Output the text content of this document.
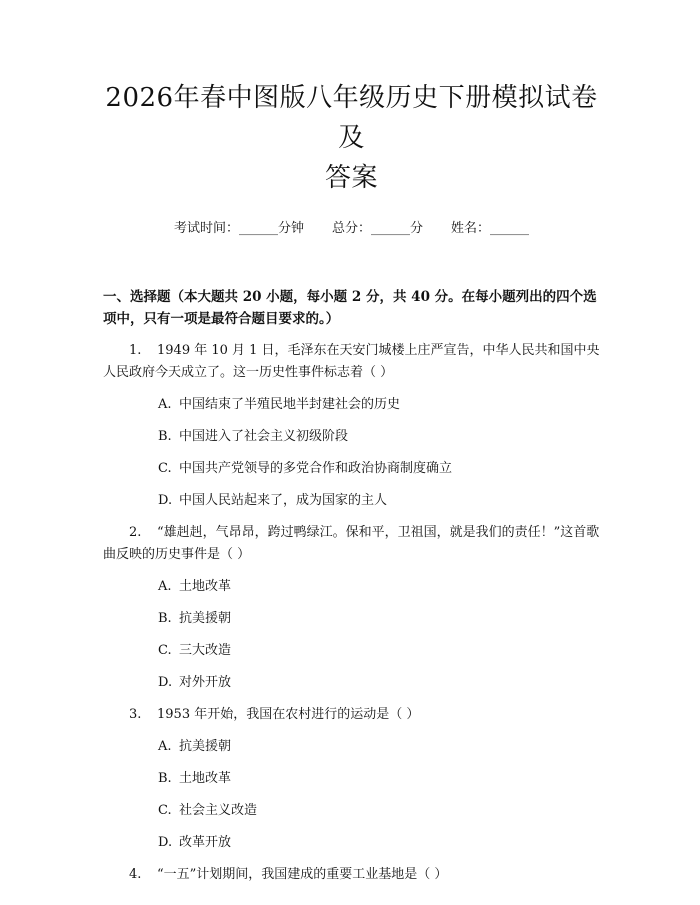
2026年春中图版八年级历史下册模拟试卷及
答案
考试时间：______分钟 总分：______分 姓名：______
一、选择题（本大题共 20 小题，每小题 2 分，共 40 分。在每小题列出的四个选项中，只有一项是最符合题目要求的。）
1. 1949 年 10 月 1 日，毛泽东在天安门城楼上庄严宣告，中华人民共和国中央人民政府今天成立了。这一历史性事件标志着（ ）
A. 中国结束了半殖民地半封建社会的历史
B. 中国进入了社会主义初级阶段
C. 中国共产党领导的多党合作和政治协商制度确立
D. 中国人民站起来了，成为国家的主人
2. “雄赳赳，气昂昂，跨过鸭绿江。保和平，卫祖国，就是我们的责任！”这首歌曲反映的历史事件是（ ）
A. 土地改革
B. 抗美援朝
C. 三大改造
D. 对外开放
3. 1953 年开始，我国在农村进行的运动是（ ）
A. 抗美援朝
B. 土地改革
C. 社会主义改造
D. 改革开放
4. “一五”计划期间，我国建成的重要工业基地是（ ）
